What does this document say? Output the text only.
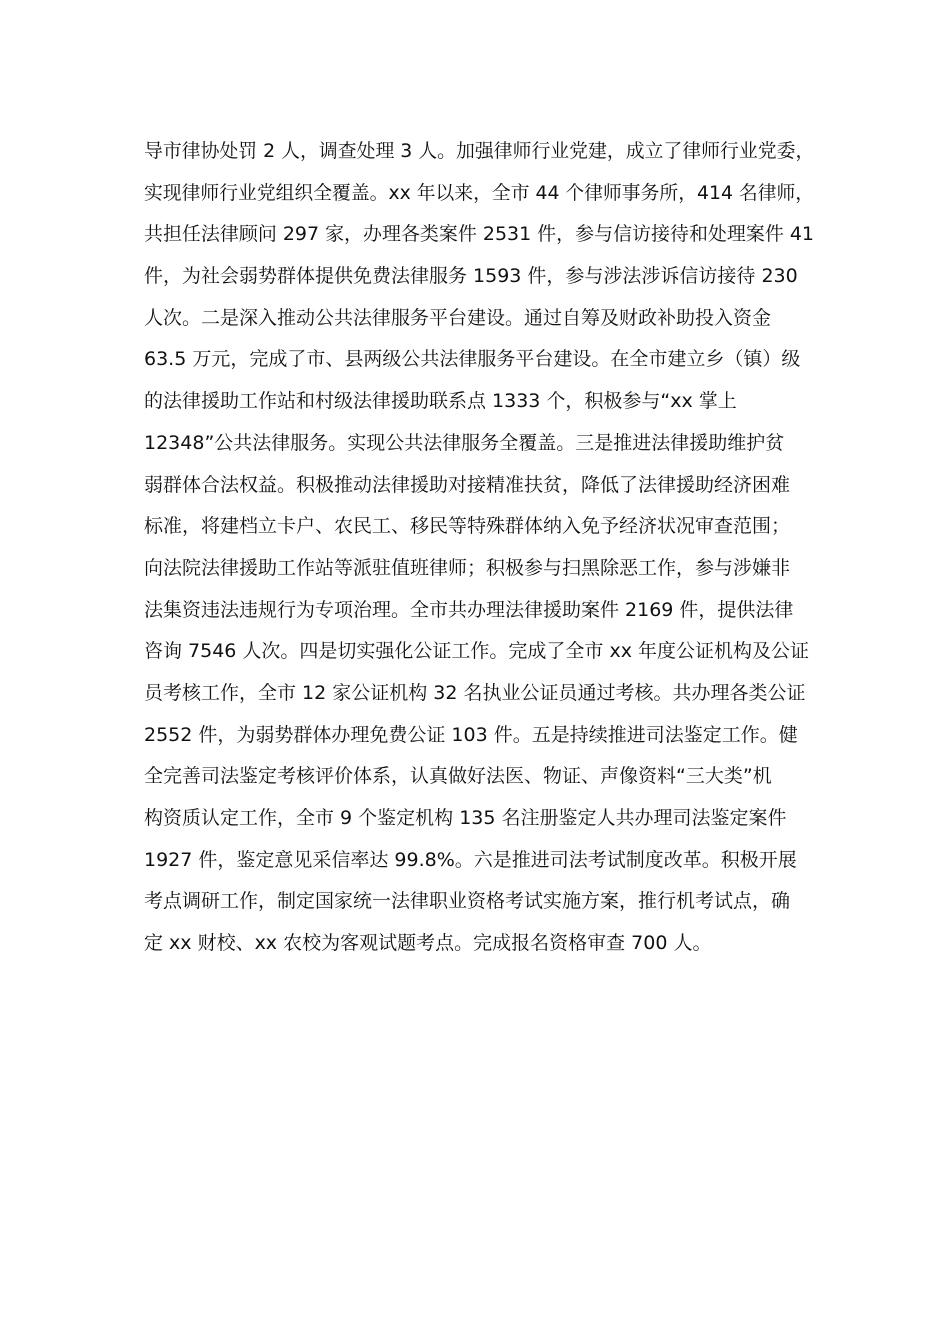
导市律协处罚 2 人，调查处理 3 人。加强律师行业党建，成立了律师行业党委，
实现律师行业党组织全覆盖。xx 年以来，全市 44 个律师事务所，414 名律师，
共担任法律顾问 297 家，办理各类案件 2531 件，参与信访接待和处理案件 41
件，为社会弱势群体提供免费法律服务 1593 件，参与涉法涉诉信访接待 230
人次。二是深入推动公共法律服务平台建设。通过自筹及财政补助投入资金
63.5 万元，完成了市、县两级公共法律服务平台建设。在全市建立乡（镇）级
的法律援助工作站和村级法律援助联系点 1333 个，积极参与“xx 掌上
12348”公共法律服务。实现公共法律服务全覆盖。三是推进法律援助维护贫
弱群体合法权益。积极推动法律援助对接精准扶贫，降低了法律援助经济困难
标准，将建档立卡户、农民工、移民等特殊群体纳入免予经济状况审查范围；
向法院法律援助工作站等派驻值班律师；积极参与扫黑除恶工作，参与涉嫌非
法集资违法违规行为专项治理。全市共办理法律援助案件 2169 件，提供法律
咨询 7546 人次。四是切实强化公证工作。完成了全市 xx 年度公证机构及公证
员考核工作，全市 12 家公证机构 32 名执业公证员通过考核。共办理各类公证
2552 件，为弱势群体办理免费公证 103 件。五是持续推进司法鉴定工作。健
全完善司法鉴定考核评价体系，认真做好法医、物证、声像资料“三大类”机
构资质认定工作，全市 9 个鉴定机构 135 名注册鉴定人共办理司法鉴定案件
1927 件，鉴定意见采信率达 99.8%。六是推进司法考试制度改革。积极开展
考点调研工作，制定国家统一法律职业资格考试实施方案，推行机考试点，确
定 xx 财校、xx 农校为客观试题考点。完成报名资格审查 700 人。
